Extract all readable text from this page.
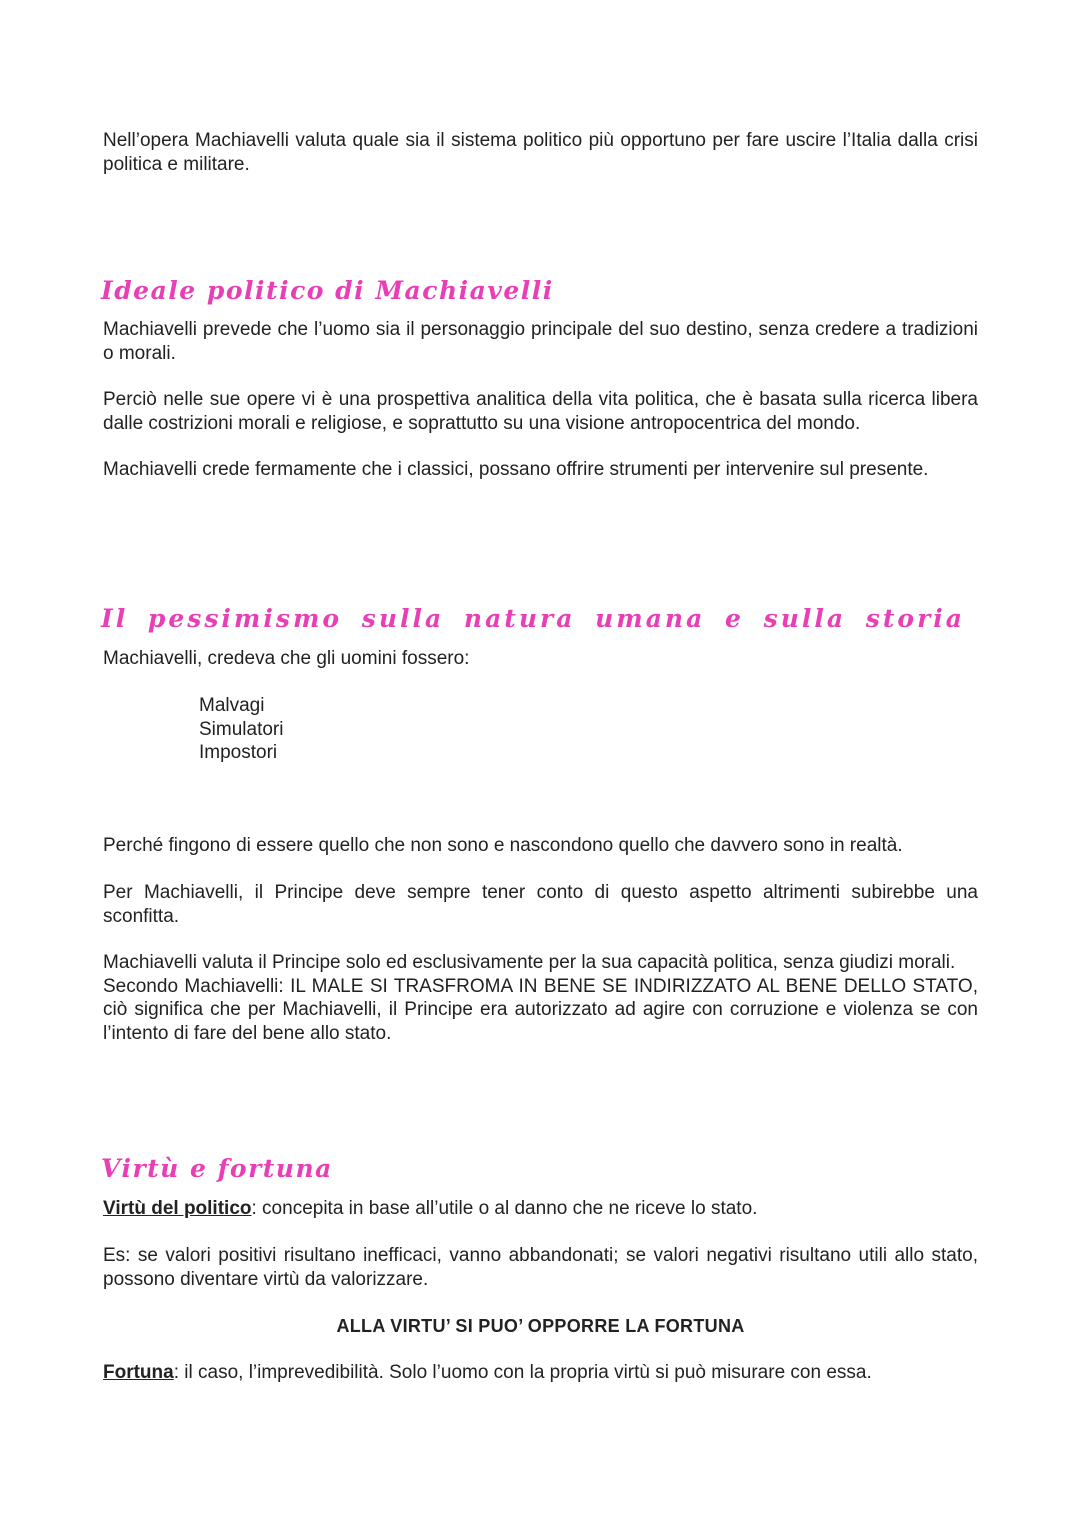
Nell’opera Machiavelli valuta quale sia il sistema politico più opportuno per fare uscire l’Italia dalla crisi politica e militare.

Ideale politico di Machiavelli

Machiavelli prevede che l’uomo sia il personaggio principale del suo destino, senza credere a tradizioni o morali.

Perciò nelle sue opere vi è una prospettiva analitica della vita politica, che è basata sulla ricerca libera dalle costrizioni morali e religiose, e soprattutto su una visione antropocentrica del mondo.

Machiavelli crede fermamente che i classici, possano offrire strumenti per intervenire sul presente.

Il pessimismo sulla natura umana e sulla storia

Machiavelli, credeva che gli uomini fossero:

Malvagi
Simulatori
Impostori

Perché fingono di essere quello che non sono e nascondono quello che davvero sono in realtà.

Per Machiavelli, il Principe deve sempre tener conto di questo aspetto altrimenti subirebbe una sconfitta.

Machiavelli valuta il Principe solo ed esclusivamente per la sua capacità politica, senza giudizi morali.

Secondo Machiavelli: IL MALE SI TRASFROMA IN BENE SE INDIRIZZATO AL BENE DELLO STATO, ciò significa che per Machiavelli, il Principe era autorizzato ad agire con corruzione e violenza se con l’intento di fare del bene allo stato.

Virtù e fortuna

Virtù del politico: concepita in base all’utile o al danno che ne riceve lo stato.

Es: se valori positivi risultano inefficaci, vanno abbandonati; se valori negativi risultano utili allo stato, possono diventare virtù da valorizzare.

ALLA VIRTU’ SI PUO’ OPPORRE LA FORTUNA

Fortuna: il caso, l’imprevedibilità. Solo l’uomo con la propria virtù si può misurare con essa.
